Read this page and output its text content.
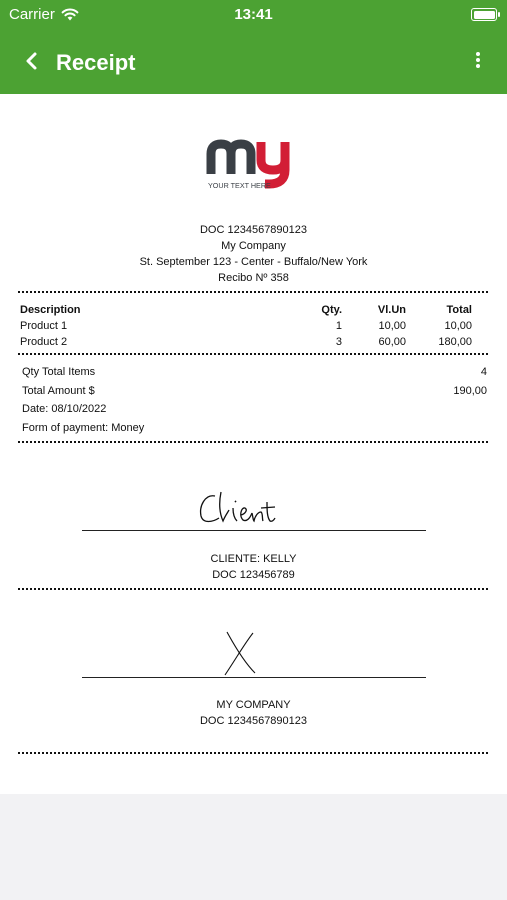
Carrier	13:41
Receipt
YOUR TEXT HERE
DOC 1234567890123
My Company
St. September 123 - Center - Buffalo/New York
Recibo Nº 358
Description	Qty.	Vl.Un	Total
Product 1	1	10,00	10,00
Product 2	3	60,00	180,00
Qty Total Items	4
Total Amount $	190,00
Date: 08/10/2022
Form of payment: Money
CLIENTE: KELLY
DOC 123456789
MY COMPANY
DOC 1234567890123
